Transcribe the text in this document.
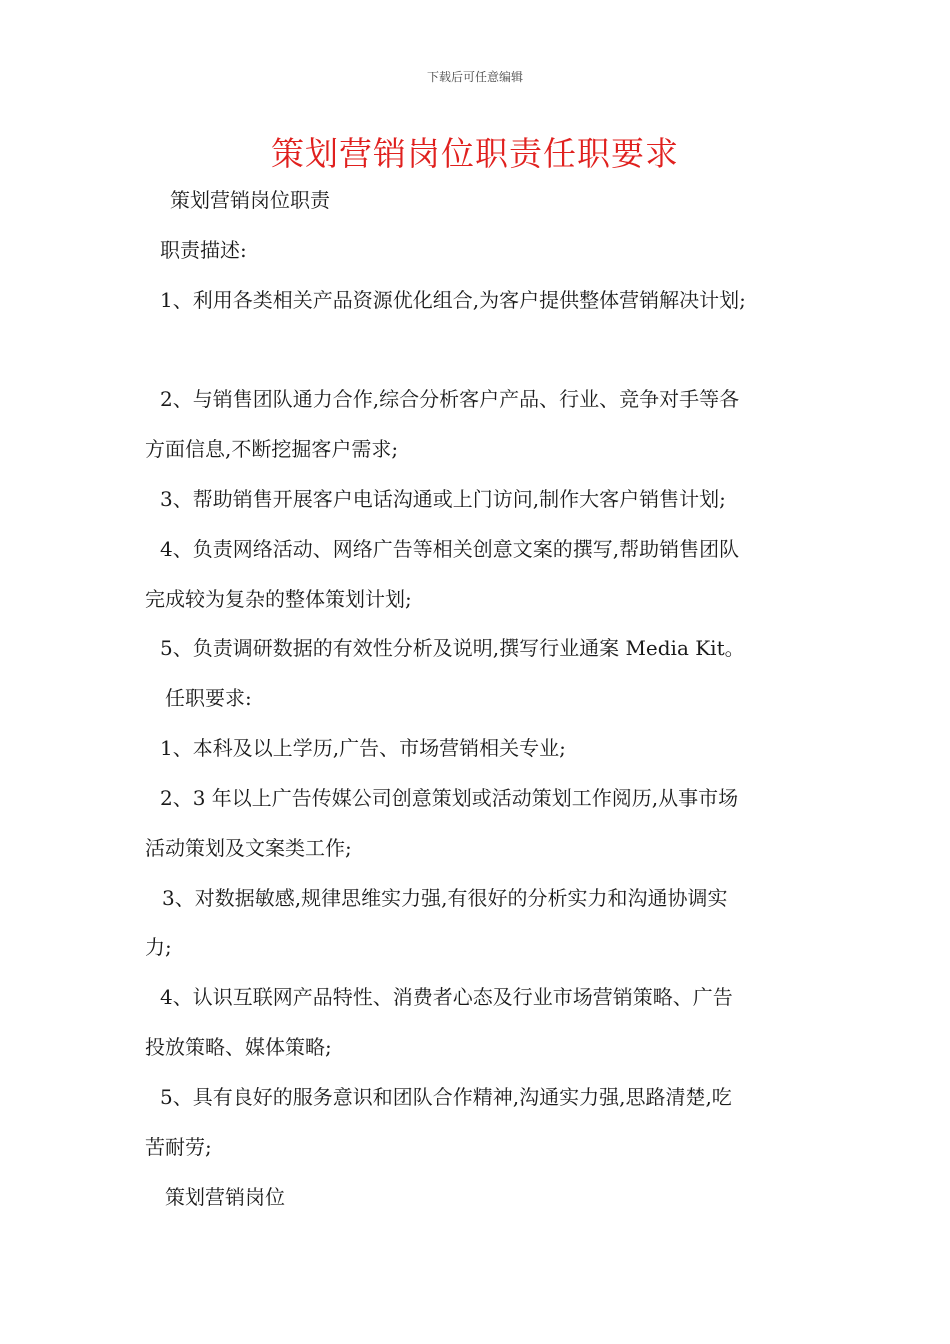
下载后可任意编辑
策划营销岗位职责任职要求
策划营销岗位职责
职责描述:
1、利用各类相关产品资源优化组合,为客户提供整体营销解决计划;
2、与销售团队通力合作,综合分析客户产品、行业、竞争对手等各
方面信息,不断挖掘客户需求;
3、帮助销售开展客户电话沟通或上门访问,制作大客户销售计划;
4、负责网络活动、网络广告等相关创意文案的撰写,帮助销售团队
完成较为复杂的整体策划计划;
5、负责调研数据的有效性分析及说明,撰写行业通案 Media Kit。
任职要求:
1、本科及以上学历,广告、市场营销相关专业;
2、3 年以上广告传媒公司创意策划或活动策划工作阅历,从事市场
活动策划及文案类工作;
3、对数据敏感,规律思维实力强,有很好的分析实力和沟通协调实
力;
4、认识互联网产品特性、消费者心态及行业市场营销策略、广告
投放策略、媒体策略;
5、具有良好的服务意识和团队合作精神,沟通实力强,思路清楚,吃
苦耐劳;
策划营销岗位
